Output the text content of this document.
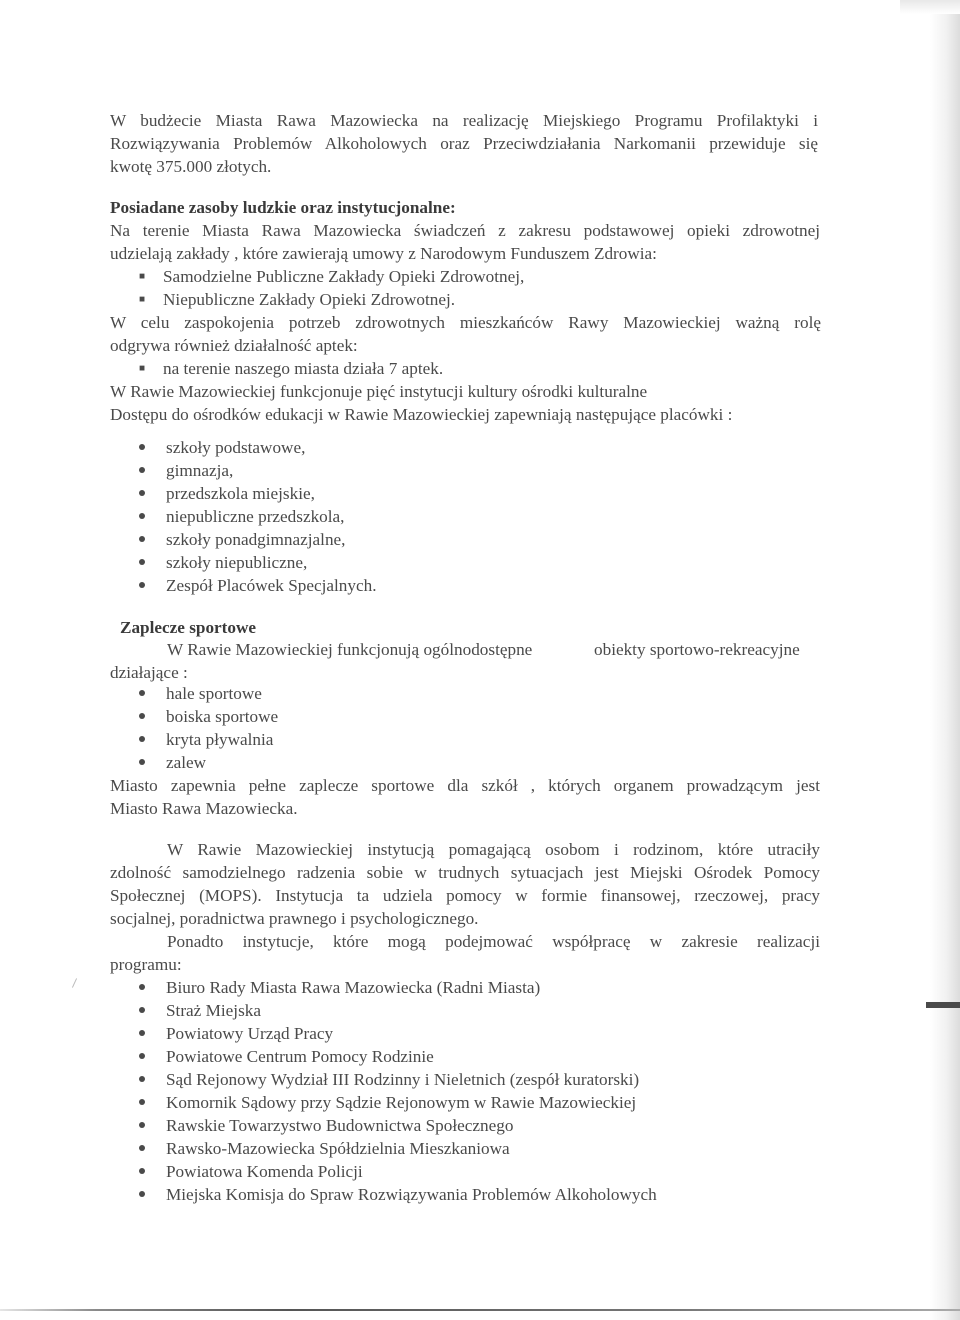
W budżecie Miasta Rawa Mazowiecka na realizację Miejskiego Programu Profilaktyki i
Rozwiązywania Problemów Alkoholowych oraz Przeciwdziałania Narkomanii przewiduje się
kwotę 375.000 złotych.
Posiadane zasoby ludzkie oraz instytucjonalne:
Na terenie Miasta Rawa Mazowiecka świadczeń z zakresu podstawowej opieki zdrowotnej
udzielają zakłady , które zawierają umowy z Narodowym Funduszem Zdrowia:
■ Samodzielne Publiczne Zakłady Opieki Zdrowotnej,
■ Niepubliczne Zakłady Opieki Zdrowotnej.
W celu zaspokojenia potrzeb zdrowotnych mieszkańców Rawy Mazowieckiej ważną rolę
odgrywa również działalność aptek:
■ na terenie naszego miasta działa 7 aptek.
W Rawie Mazowieckiej funkcjonuje pięć instytucji kultury ośrodki kulturalne
Dostępu do ośrodków edukacji w Rawie Mazowieckiej zapewniają następujące placówki :
szkoły podstawowe,
gimnazja,
przedszkola miejskie,
niepubliczne przedszkola,
szkoły ponadgimnazjalne,
szkoły niepubliczne,
Zespół Placówek Specjalnych.
Zaplecze sportowe
W Rawie Mazowieckiej funkcjonują ogólnodostępne	obiekty sportowo-rekreacyjne
działające :
hale sportowe
boiska sportowe
kryta pływalnia
zalew
Miasto zapewnia pełne zaplecze sportowe dla szkół , których organem prowadzącym jest
Miasto Rawa Mazowiecka.
W Rawie Mazowieckiej instytucją pomagającą osobom i rodzinom, które utraciły
zdolność samodzielnego radzenia sobie w trudnych sytuacjach jest Miejski Ośrodek Pomocy
Społecznej (MOPS). Instytucja ta udziela pomocy w formie finansowej, rzeczowej, pracy
socjalnej, poradnictwa prawnego i psychologicznego.
Ponadto instytucje, które mogą podejmować współpracę w zakresie realizacji
programu:
Biuro Rady Miasta Rawa Mazowiecka (Radni Miasta)
Straż Miejska
Powiatowy Urząd Pracy
Powiatowe Centrum Pomocy Rodzinie
Sąd Rejonowy Wydział III Rodzinny i Nieletnich (zespół kuratorski)
Komornik Sądowy przy Sądzie Rejonowym w Rawie Mazowieckiej
Rawskie Towarzystwo Budownictwa Społecznego
Rawsko-Mazowiecka Spółdzielnia Mieszkaniowa
Powiatowa Komenda Policji
Miejska Komisja do Spraw Rozwiązywania Problemów Alkoholowych
